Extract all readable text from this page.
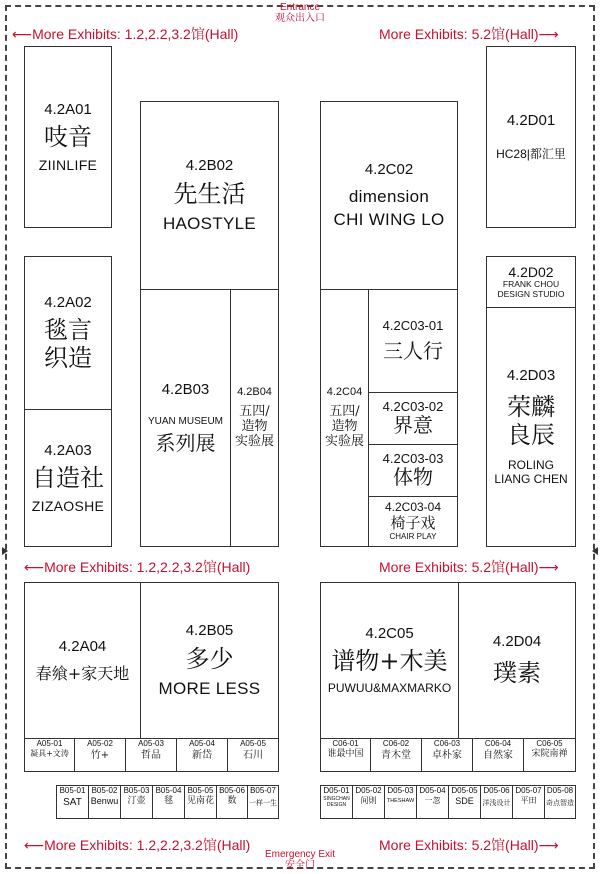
Entrance
观众出入口
Emergency Exit
安全门
⟵More Exhibits: 1.2,2.2,3.2馆(Hall)	More Exhibits: 5.2馆(Hall)⟶
⟵More Exhibits: 1.2,2.2,3.2馆(Hall)	More Exhibits: 5.2馆(Hall)⟶
⟵More Exhibits: 1.2,2.2,3.2馆(Hall)	More Exhibits: 5.2馆(Hall)⟶
4.2A01
吱音
ZIINLIFE
4.2A02
毯言
织造
4.2A03
自造社
ZIZAOSHE
4.2B02
先生活
HAOSTYLE
4.2B03
YUAN MUSEUM
系列展
4.2B04
五四/
造物
实验展
4.2C02
dimension
CHI WING LO
4.2C04
五四/
造物
实验展
4.2C03-01
三人行
4.2C03-02
界意
4.2C03-03
体物
4.2C03-04
椅子戏
CHAIR PLAY
4.2D01
HC28|都汇里
4.2D02
FRANK CHOU
DESIGN STUDIO
4.2D03
荣麟
良辰
ROLING
LIANG CHEN
4.2A04
春飨+家天地
4.2B05
多少
MORE LESS
A05-01
凝具+文涛
A05-02
竹+
A05-03
哲品
A05-04
新岱
A05-05
石川
B05-01
SAT
B05-02
Benwu
B05-03
汀壶
B05-04
毬
B05-05
见南花
B05-06
数
B05-07
一样一生
4.2C05
谱物+木美
PUWUU&MAXMARKO
4.2D04
璞素
C06-01
谁最中国
C06-02
青木堂
C06-03
卓朴家
C06-04
自然家
C06-05
宋院南禅
D05-01
SINGCHAN DESIGN
D05-02
间則
D05-03
THESHAW
D05-04
一忽
D05-05
SDE
D05-06
洋浅设计
D05-07
平田
D05-08
奇点智造
